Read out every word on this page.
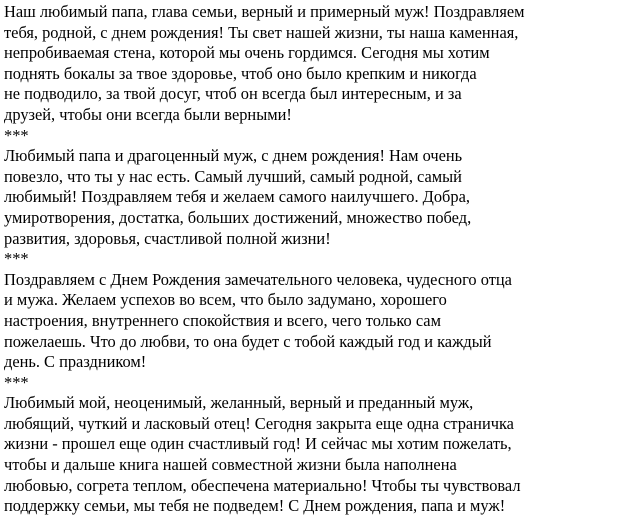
Наш любимый папа, глава семьи, верный и примерный муж! Поздравляем
тебя, родной, с днем рождения! Ты свет нашей жизни, ты наша каменная,
непробиваемая стена, которой мы очень гордимся. Сегодня мы хотим
поднять бокалы за твое здоровье, чтоб оно было крепким и никогда
не подводило, за твой досуг, чтоб он всегда был интересным, и за
друзей, чтобы они всегда были верными!
***
Любимый папа и драгоценный муж, с днем рождения! Нам очень
повезло, что ты у нас есть. Самый лучший, самый родной, самый
любимый! Поздравляем тебя и желаем самого наилучшего. Добра,
умиротворения, достатка, больших достижений, множество побед,
развития, здоровья, счастливой полной жизни!
***
Поздравляем с Днем Рождения замечательного человека, чудесного отца
и мужа. Желаем успехов во всем, что было задумано, хорошего
настроения, внутреннего спокойствия и всего, чего только сам
пожелаешь. Что до любви, то она будет с тобой каждый год и каждый
день. С праздником!
***
Любимый мой, неоценимый, желанный, верный и преданный муж,
любящий, чуткий и ласковый отец! Сегодня закрыта еще одна страничка
жизни - прошел еще один счастливый год! И сейчас мы хотим пожелать,
чтобы и дальше книга нашей совместной жизни была наполнена
любовью, согрета теплом, обеспечена материально! Чтобы ты чувствовал
поддержку семьи, мы тебя не подведем! С Днем рождения, папа и муж!
